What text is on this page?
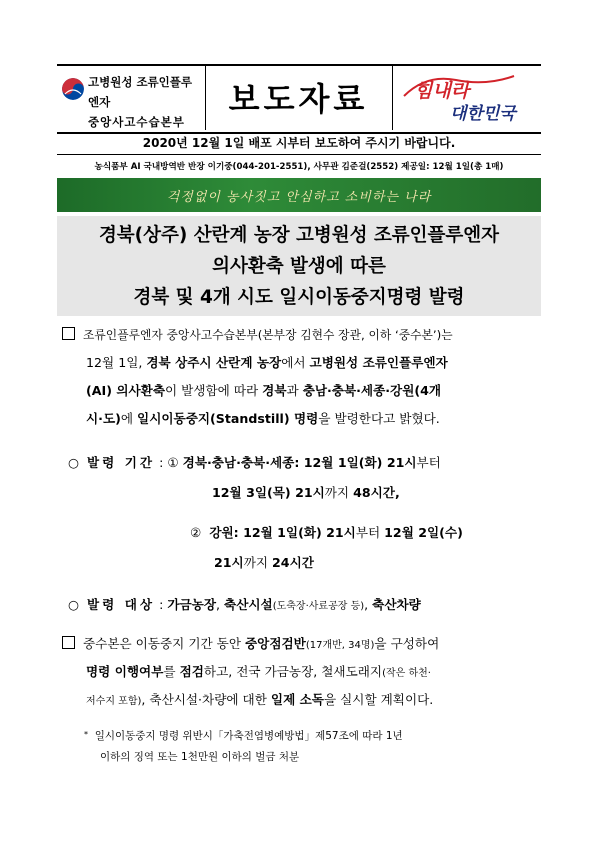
고병원성 조류인플루엔자
중앙사고수습본부
보도자료	힘내라
대한민국
2020년 12월 1일 배포 시부터 보도하여 주시기 바랍니다.
농식품부 AI 국내방역반 반장 이기중(044-201-2551), 사무관 김준걸(2552) 제공일: 12월 1일(총 1매)
걱정없이 농사짓고 안심하고 소비하는 나라
경북(상주) 산란계 농장 고병원성 조류인플루엔자
의사환축 발생에 따른
경북 및 4개 시도 일시이동중지명령 발령
조류인플루엔자 중앙사고수습본부(본부장 김현수 장관, 이하 ‘중수본’)는
12월 1일, 경북 상주시 산란계 농장에서 고병원성 조류인플루엔자
(AI) 의사환축이 발생함에 따라 경북과 충남·충북·세종·강원(4개
시·도)에 일시이동중지(Standstill) 명령을 발령한다고 밝혔다.
○ 발령 기간 : ① 경북·충남·충북·세종: 12월 1일(화) 21시부터
12월 3일(목) 21시까지 48시간,
② 강원: 12월 1일(화) 21시부터 12월 2일(수)
21시까지 24시간
○ 발령 대상 : 가금농장, 축산시설(도축장·사료공장 등), 축산차량
중수본은 이동중지 기간 동안 중앙점검반(17개반, 34명)을 구성하여
명령 이행여부를 점검하고, 전국 가금농장, 철새도래지(작은 하천·
저수지 포함), 축산시설·차량에 대한 일제 소독을 실시할 계획이다.
* 일시이동중지 명령 위반시「가축전염병예방법」제57조에 따라 1년
이하의 징역 또는 1천만원 이하의 벌금 처분
